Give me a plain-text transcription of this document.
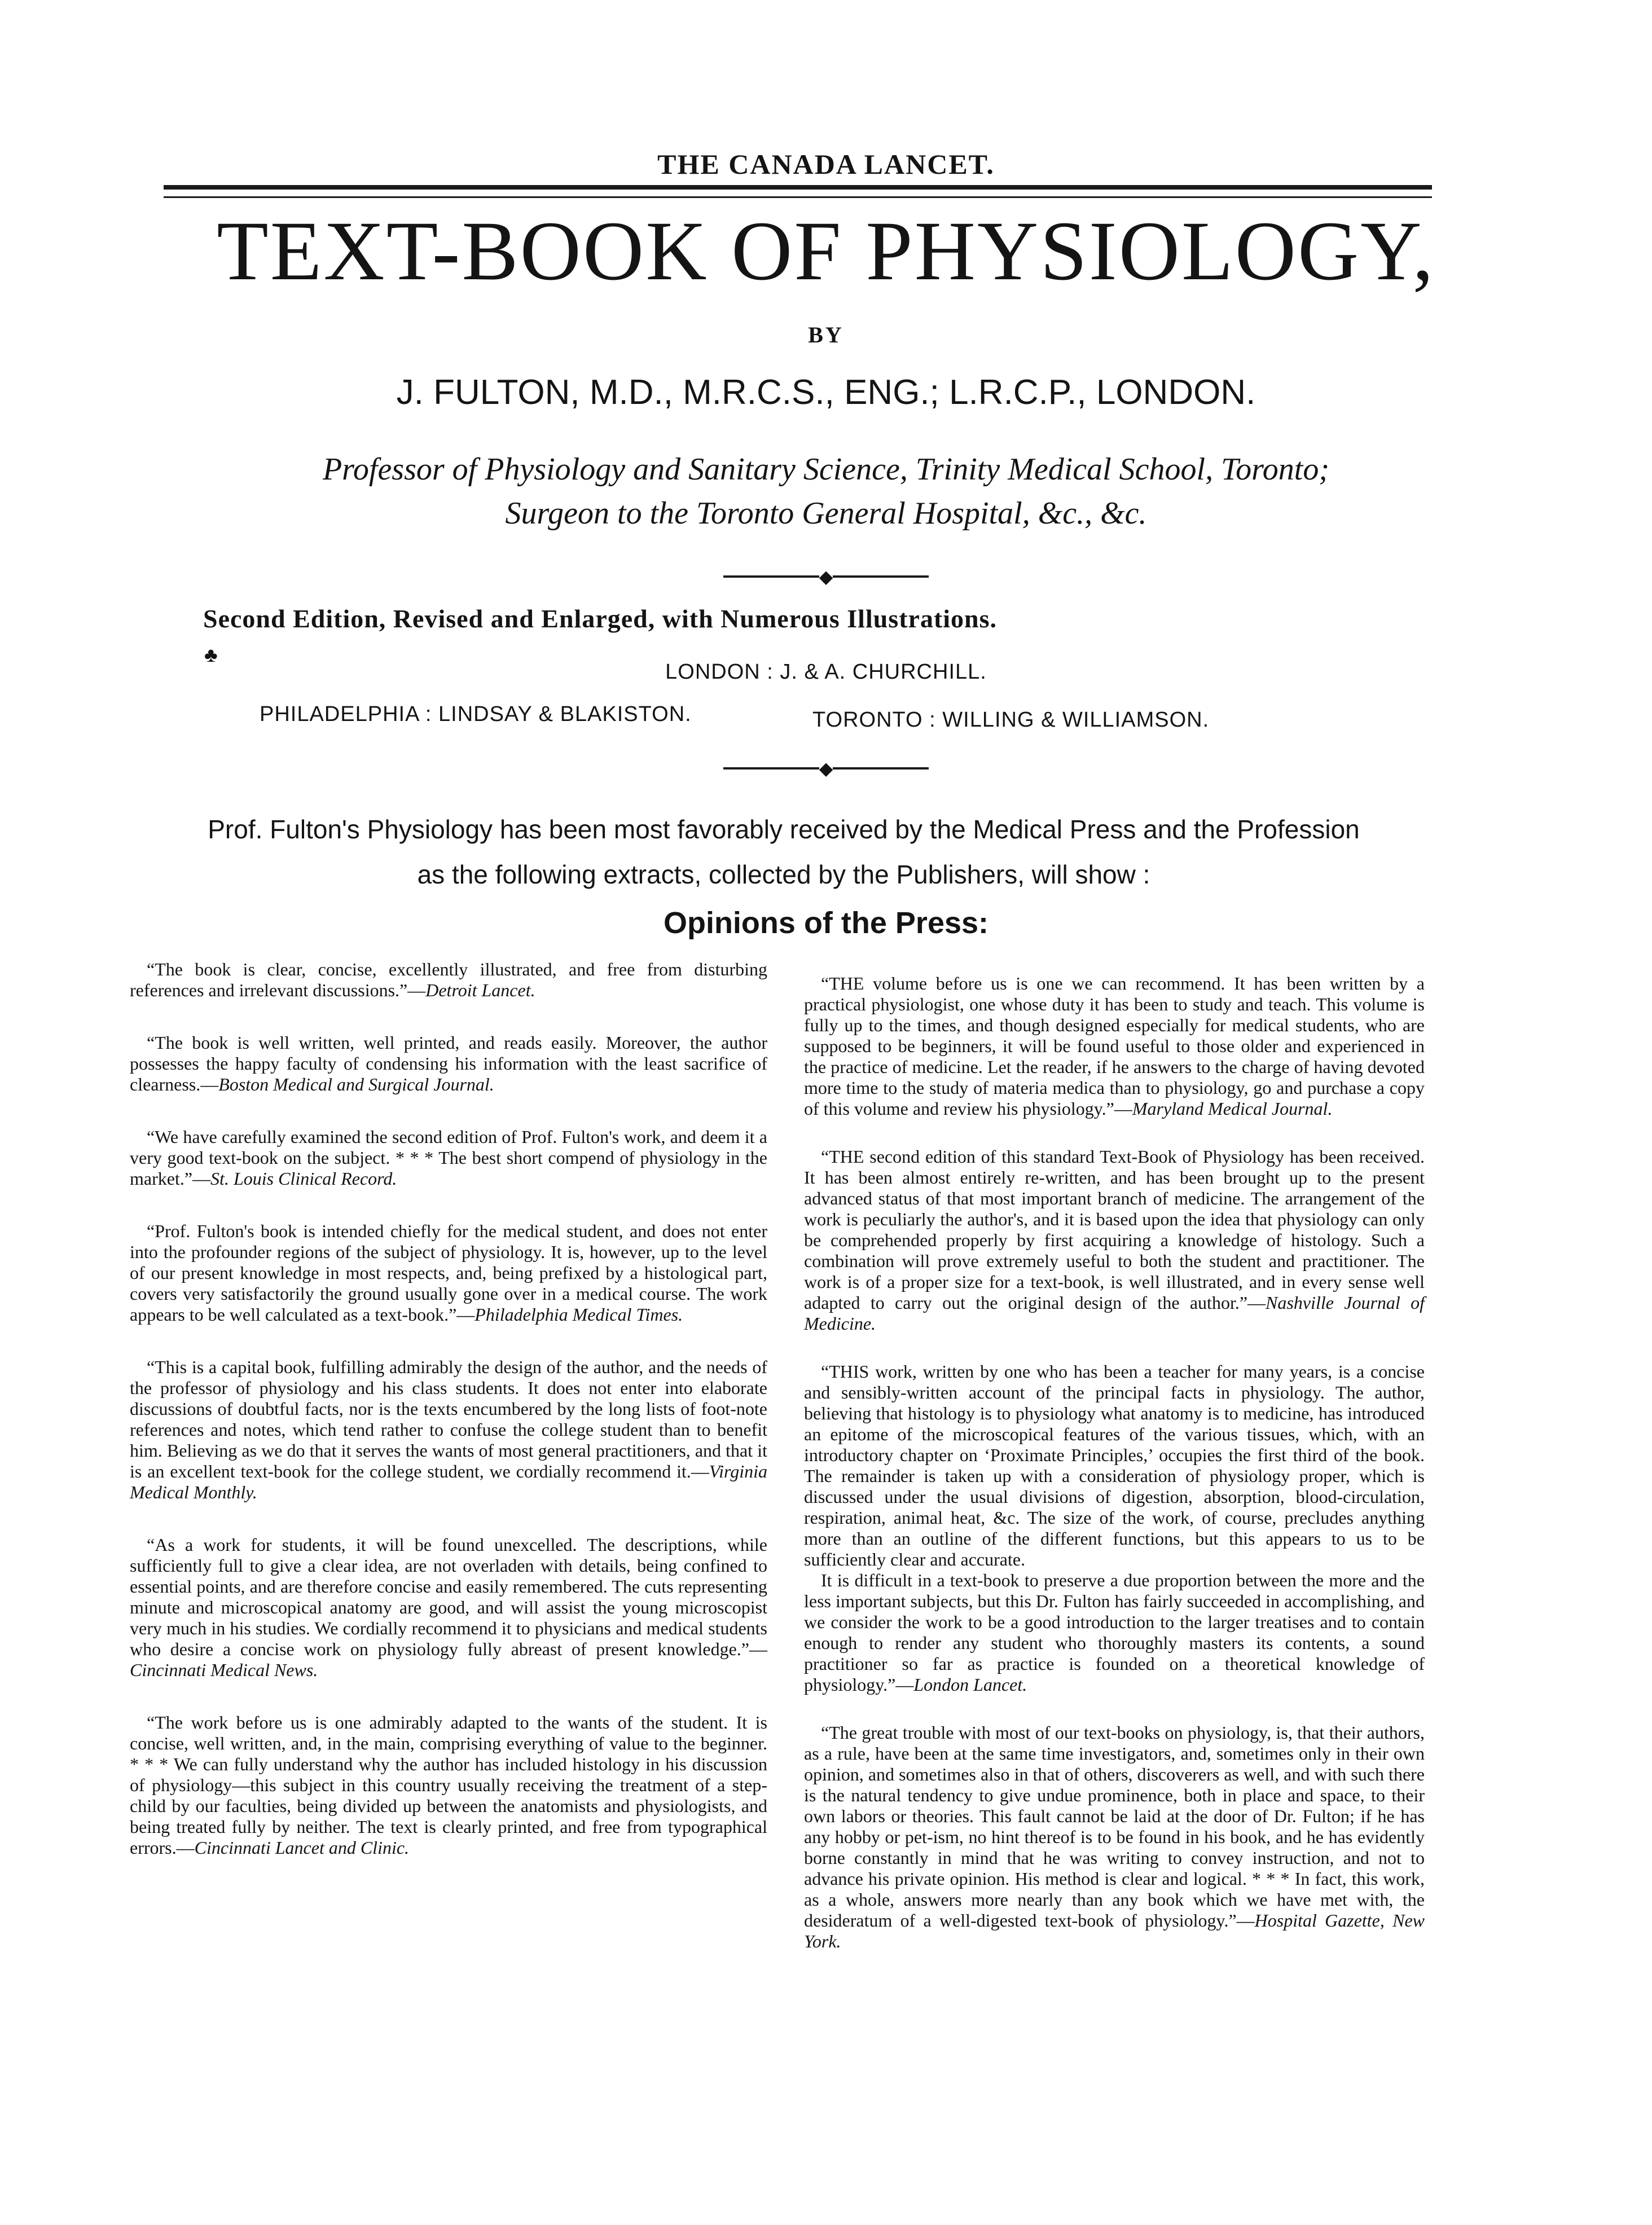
THE CANADA LANCET.
TEXT-BOOK OF PHYSIOLOGY,
BY
J. FULTON, M.D., M.R.C.S., ENG.; L.R.C.P., LONDON.
Professor of Physiology and Sanitary Science, Trinity Medical School, Toronto;
Surgeon to the Toronto General Hospital, &c., &c.
◆
Second Edition, Revised and Enlarged, with Numerous Illustrations.
♣
LONDON : J. & A. CHURCHILL.
PHILADELPHIA : LINDSAY & BLAKISTON.	TORONTO : WILLING & WILLIAMSON.
◆
Prof. Fulton's Physiology has been most favorably received by the Medical Press and the Profession
as the following extracts, collected by the Publishers, will show :
Opinions of the Press:

“The book is clear, concise, excellently illustrated, and free from disturbing references and irrelevant discussions.”—Detroit Lancet.

“The book is well written, well printed, and reads easily. Moreover, the author possesses the happy faculty of condensing his information with the least sacrifice of clearness.—Boston Medical and Surgical Journal.

“We have carefully examined the second edition of Prof. Fulton's work, and deem it a very good text-book on the subject. * * * The best short compend of physiology in the market.”—St. Louis Clinical Record.

“Prof. Fulton's book is intended chiefly for the medical student, and does not enter into the profounder regions of the subject of physiology. It is, however, up to the level of our present knowledge in most respects, and, being prefixed by a histological part, covers very satisfactorily the ground usually gone over in a medical course. The work appears to be well calculated as a text-book.”—Philadelphia Medical Times.

“This is a capital book, fulfilling admirably the design of the author, and the needs of the professor of physiology and his class students. It does not enter into elaborate discussions of doubtful facts, nor is the texts encumbered by the long lists of foot-note references and notes, which tend rather to confuse the college student than to benefit him. Believing as we do that it serves the wants of most general practitioners, and that it is an excellent text-book for the college student, we cordially recommend it.—Virginia Medical Monthly.

“As a work for students, it will be found unexcelled. The descriptions, while sufficiently full to give a clear idea, are not overladen with details, being confined to essential points, and are therefore concise and easily remembered. The cuts representing minute and microscopical anatomy are good, and will assist the young microscopist very much in his studies. We cordially recommend it to physicians and medical students who desire a concise work on physiology fully abreast of present knowledge.”—Cincinnati Medical News.

“The work before us is one admirably adapted to the wants of the student. It is concise, well written, and, in the main, comprising everything of value to the beginner. * * * We can fully understand why the author has included histology in his discussion of physiology—this subject in this country usually receiving the treatment of a step-child by our faculties, being divided up between the anatomists and physiologists, and being treated fully by neither. The text is clearly printed, and free from typographical errors.—Cincinnati Lancet and Clinic.

“THE volume before us is one we can recommend. It has been written by a practical physiologist, one whose duty it has been to study and teach. This volume is fully up to the times, and though designed especially for medical students, who are supposed to be beginners, it will be found useful to those older and experienced in the practice of medicine. Let the reader, if he answers to the charge of having devoted more time to the study of materia medica than to physiology, go and purchase a copy of this volume and review his physiology.”—Maryland Medical Journal.

“THE second edition of this standard Text-Book of Physiology has been received. It has been almost entirely re-written, and has been brought up to the present advanced status of that most important branch of medicine. The arrangement of the work is peculiarly the author's, and it is based upon the idea that physiology can only be comprehended properly by first acquiring a knowledge of histology. Such a combination will prove extremely useful to both the student and practitioner. The work is of a proper size for a text-book, is well illustrated, and in every sense well adapted to carry out the original design of the author.”—Nashville Journal of Medicine.

“THIS work, written by one who has been a teacher for many years, is a concise and sensibly-written account of the principal facts in physiology. The author, believing that histology is to physiology what anatomy is to medicine, has introduced an epitome of the microscopical features of the various tissues, which, with an introductory chapter on ‘Proximate Principles,’ occupies the first third of the book. The remainder is taken up with a consideration of physiology proper, which is discussed under the usual divisions of digestion, absorption, blood-circulation, respiration, animal heat, &c. The size of the work, of course, precludes anything more than an outline of the different functions, but this appears to us to be sufficiently clear and accurate.

It is difficult in a text-book to preserve a due proportion between the more and the less important subjects, but this Dr. Fulton has fairly succeeded in accomplishing, and we consider the work to be a good introduction to the larger treatises and to contain enough to render any student who thoroughly masters its contents, a sound practitioner so far as practice is founded on a theoretical knowledge of physiology.”—London Lancet.

“The great trouble with most of our text-books on physiology, is, that their authors, as a rule, have been at the same time investigators, and, sometimes only in their own opinion, and sometimes also in that of others, discoverers as well, and with such there is the natural tendency to give undue prominence, both in place and space, to their own labors or theories. This fault cannot be laid at the door of Dr. Fulton; if he has any hobby or pet-ism, no hint thereof is to be found in his book, and he has evidently borne constantly in mind that he was writing to convey instruction, and not to advance his private opinion. His method is clear and logical. * * * In fact, this work, as a whole, answers more nearly than any book which we have met with, the desideratum of a well-digested text-book of physiology.”—Hospital Gazette, New York.
